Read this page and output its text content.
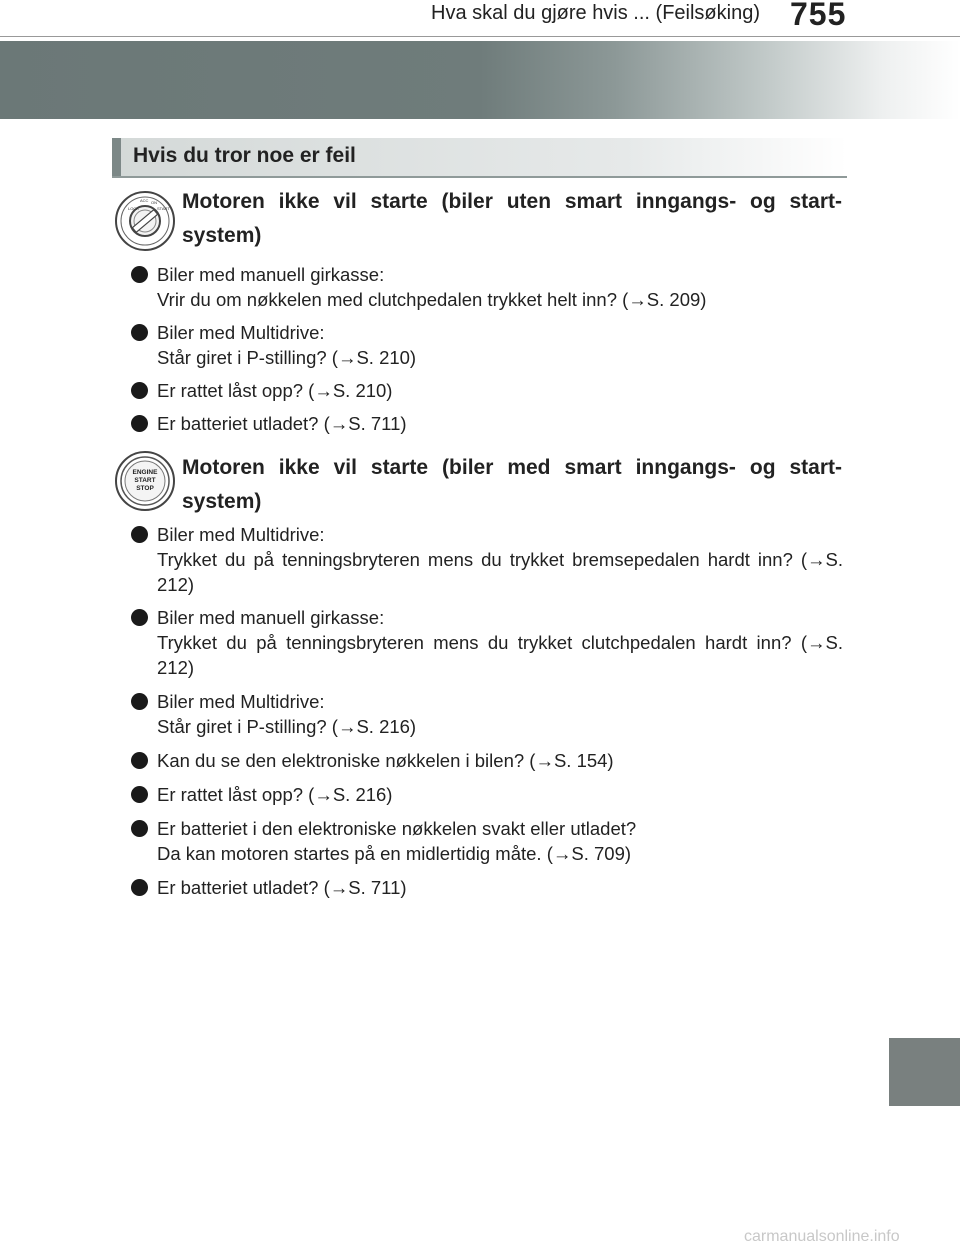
Hva skal du gjøre hvis ... (Feilsøking) 755
Hvis du tror noe er feil
LOCK
ACC ON
START Motoren ikke vil starte (biler uten smart inngangs- og start-system)
Biler med manuell girkasse:
Vrir du om nøkkelen med clutchpedalen trykket helt inn? (→S. 209)
Biler med Multidrive:
Står giret i P-stilling? (→S. 210)
Er rattet låst opp? (→S. 210)
Er batteriet utladet? (→S. 711)
ENGINE
START
STOP
Motoren ikke vil starte (biler med smart inngangs- og start-system)
Biler med Multidrive:
Trykket du på tenningsbryteren mens du trykket bremsepedalen hardt inn? (→S. 212)
Biler med manuell girkasse:
Trykket du på tenningsbryteren mens du trykket clutchpedalen hardt inn? (→S. 212)
Biler med Multidrive:
Står giret i P-stilling? (→S. 216)
Kan du se den elektroniske nøkkelen i bilen? (→S. 154)
Er rattet låst opp? (→S. 216)
Er batteriet i den elektroniske nøkkelen svakt eller utladet?
Da kan motoren startes på en midlertidig måte. (→S. 709)
Er batteriet utladet? (→S. 711)
carmanualsonline.info
